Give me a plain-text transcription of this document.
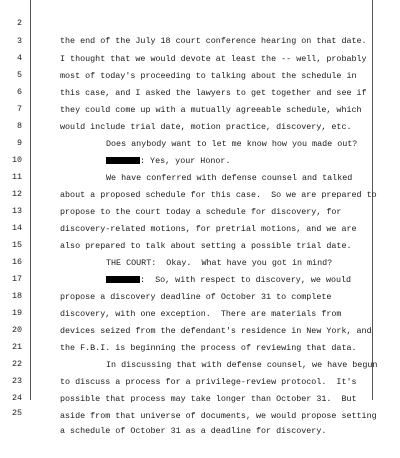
2

the end of the July 18 court conference hearing on that date.

3

I thought that we would devote at least the -- well, probably

4

most of today's proceeding to talking about the schedule in

5

this case, and I asked the lawyers to get together and see if

6

they could come up with a mutually agreeable schedule, which

7

would include trial date, motion practice, discovery, etc.

8

Does anybody want to let me know how you made out?

9

: Yes, your Honor.

10

We have conferred with defense counsel and talked

11

about a proposed schedule for this case.  So we are prepared to

12

propose to the court today a schedule for discovery, for

13

discovery-related motions, for pretrial motions, and we are

14

also prepared to talk about setting a possible trial date.

15

THE COURT:  Okay.  What have you got in mind?

16

:  So, with respect to discovery, we would

17

propose a discovery deadline of October 31 to complete

18

discovery, with one exception.  There are materials from

19

devices seized from the defendant's residence in New York, and

20

the F.B.I. is beginning the process of reviewing that data.

21

In discussing that with defense counsel, we have begun

22

to discuss a process for a privilege-review protocol.  It's

23

possible that process may take longer than October 31.  But

24

aside from that universe of documents, we would propose setting

25

a schedule of October 31 as a deadline for discovery.
